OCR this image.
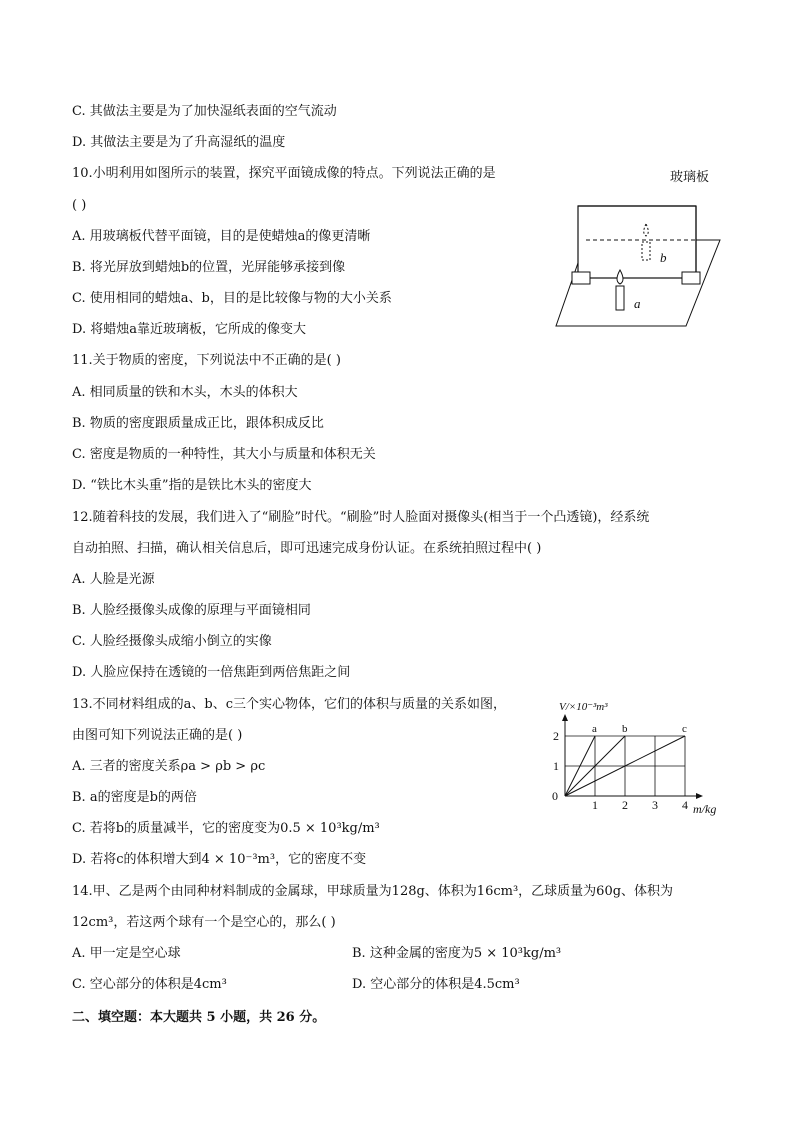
C. 其做法主要是为了加快湿纸表面的空气流动
D. 其做法主要是为了升高湿纸的温度
10.小明利用如图所示的装置，探究平面镜成像的特点。下列说法正确的是
( )
A. 用玻璃板代替平面镜，目的是使蜡烛a的像更清晰
B. 将光屏放到蜡烛b的位置，光屏能够承接到像
C. 使用相同的蜡烛a、b，目的是比较像与物的大小关系
D. 将蜡烛a靠近玻璃板，它所成的像变大
玻璃板
b
a
11.关于物质的密度，下列说法中不正确的是( )
A. 相同质量的铁和木头，木头的体积大
B. 物质的密度跟质量成正比，跟体积成反比
C. 密度是物质的一种特性，其大小与质量和体积无关
D. “铁比木头重”指的是铁比木头的密度大
12.随着科技的发展，我们进入了“刷脸”时代。“刷脸”时人脸面对摄像头(相当于一个凸透镜)，经系统
自动拍照、扫描，确认相关信息后，即可迅速完成身份认证。在系统拍照过程中( )
A. 人脸是光源
B. 人脸经摄像头成像的原理与平面镜相同
C. 人脸经摄像头成缩小倒立的实像
D. 人脸应保持在透镜的一倍焦距到两倍焦距之间
13.不同材料组成的a、b、c三个实心物体，它们的体积与质量的关系如图，
由图可知下列说法正确的是( )
A. 三者的密度关系ρa > ρb > ρc
B. a的密度是b的两倍
C. 若将b的质量减半，它的密度变为0.5 × 10³kg/m³
D. 若将c的体积增大到4 × 10⁻³m³，它的密度不变
a b	c
1 2 3 4
1
2
0
V/×10⁻³m³
m/kg
14.甲、乙是两个由同种材料制成的金属球，甲球质量为128g、体积为16cm³，乙球质量为60g、体积为
12cm³，若这两个球有一个是空心的，那么( )
A. 甲一定是空心球	B. 这种金属的密度为5 × 10³kg/m³
C. 空心部分的体积是4cm³	D. 空心部分的体积是4.5cm³
二、填空题：本大题共 5 小题，共 26 分。
